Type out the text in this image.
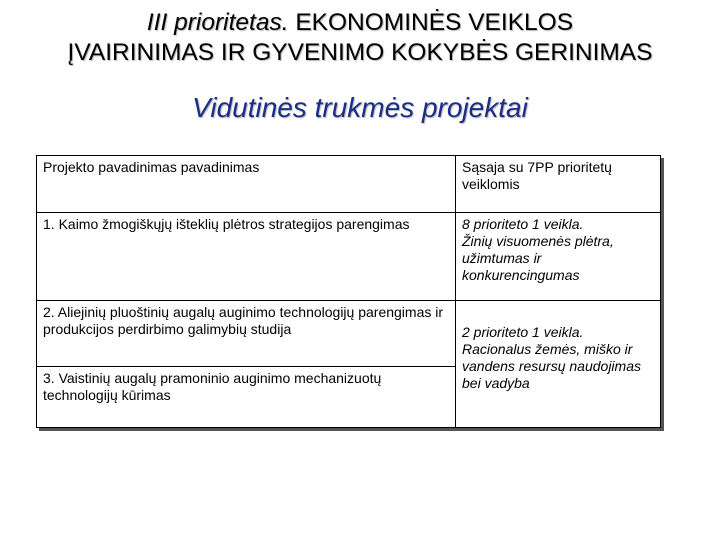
III prioritetas. EKONOMINĖS VEIKLOS
ĮVAIRINIMAS IR GYVENIMO KOKYBĖS GERINIMAS
Vidutinės trukmės projektai
Projekto pavadinimas pavadinimas	Sąsaja su 7PP prioritetų veiklomis
1. Kaimo žmogiškųjų išteklių plėtros strategijos parengimas	8 prioriteto 1 veikla.
Žinių visuomenės plėtra, užimtumas ir konkurencingumas

2. Aliejinių pluoštinių augalų auginimo technologijų parengimas ir produkcijos perdirbimo galimybių studija	2 prioriteto 1 veikla.
Racionalus žemės, miško ir vandens resursų naudojimas bei vadyba

3. Vaistinių augalų pramoninio auginimo mechanizuotų technologijų kūrimas	
